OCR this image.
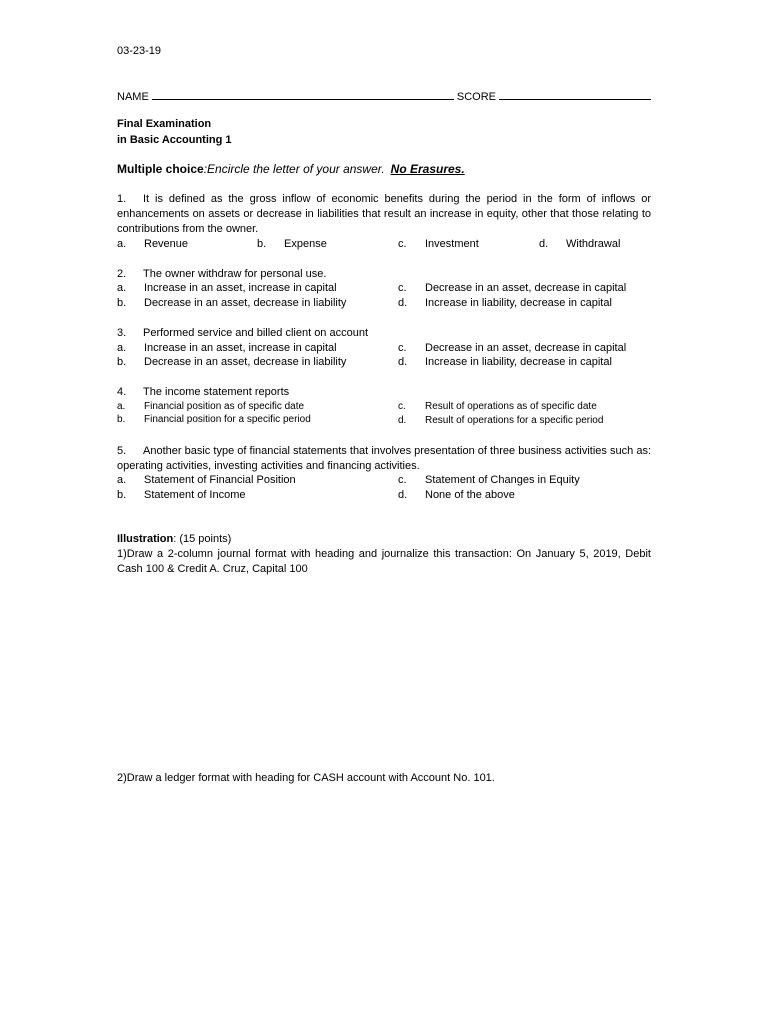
03-23-19
NAME	SCORE
Final Examination
in Basic Accounting 1
Multiple choice:Encircle the letter of your answer. No Erasures.
1. It is defined as the gross inflow of economic benefits during the period in the form of inflows or enhancements on assets or decrease in liabilities that result an increase in equity, other that those relating to contributions from the owner.
a. Revenue	b. Expense	c. Investment	d. Withdrawal
2. The owner withdraw for personal use.
a. Increase in an asset, increase in capital
b. Decrease in an asset, decrease in liability
c. Decrease in an asset, decrease in capital
d. Increase in liability, decrease in capital
3. Performed service and billed client on account
a. Increase in an asset, increase in capital
b. Decrease in an asset, decrease in liability
c. Decrease in an asset, decrease in capital
d. Increase in liability, decrease in capital
4. The income statement reports
a. Financial position as of specific date
b. Financial position for a specific period
c. Result of operations as of specific date
d. Result of operations for a specific period
5. Another basic type of financial statements that involves presentation of three business activities such as: operating activities, investing activities and financing activities.
a. Statement of Financial Position
b. Statement of Income
c. Statement of Changes in Equity
d. None of the above
Illustration: (15 points)
1)Draw a 2-column journal format with heading and journalize this transaction: On January 5, 2019, Debit Cash 100 & Credit A. Cruz, Capital 100
2)Draw a ledger format with heading for CASH account with Account No. 101.
